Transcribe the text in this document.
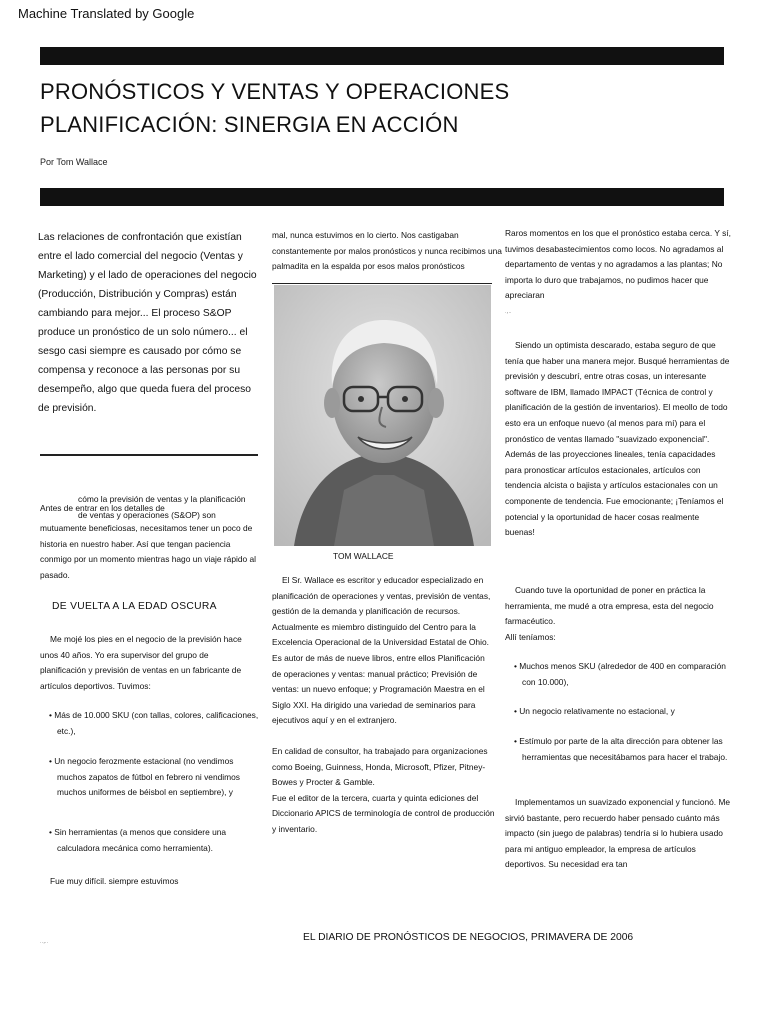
Machine Translated by Google
PRONÓSTICOS Y VENTAS Y OPERACIONES
PLANIFICACIÓN: SINERGIA EN ACCIÓN
Por Tom Wallace
Las relaciones de confrontación que existían entre el lado comercial del negocio (Ventas y Marketing) y el lado de operaciones del negocio (Producción, Distribución y Compras) están cambiando para mejor... El proceso S&OP produce un pronóstico de un solo número... el sesgo casi siempre es causado por cómo se compensa y reconoce a las personas por su desempeño, algo que queda fuera del proceso de previsión.
cómo la previsión de ventas y la planificación
Antes de entrar en los detalles de
de ventas y operaciones (S&OP) son
mutuamente beneficiosas, necesitamos tener un poco de historia en nuestro haber. Así que tengan paciencia conmigo por un momento mientras hago un viaje rápido al pasado.
DE VUELTA A LA EDAD OSCURA

Me mojé los pies en el negocio de la previsión hace unos 40 años. Yo era supervisor del grupo de planificación y previsión de ventas en un fabricante de artículos deportivos. Tuvimos:

• Más de 10.000 SKU (con tallas, colores, calificaciones, etc.),

• Un negocio ferozmente estacional (no vendimos muchos zapatos de fútbol en febrero ni vendimos muchos uniformes de béisbol en septiembre), y

• Sin herramientas (a menos que considere una calculadora mecánica como herramienta).

Fue muy difícil. siempre estuvimos

mal, nunca estuvimos en lo cierto. Nos castigaban constantemente por malos pronósticos y nunca recibimos una palmadita en la espalda por esos malos pronósticos
TOM WALLACE

El Sr. Wallace es escritor y educador especializado en planificación de operaciones y ventas, previsión de ventas, gestión de la demanda y planificación de recursos.

Actualmente es miembro distinguido del Centro para la Excelencia Operacional de la Universidad Estatal de Ohio. Es autor de más de nueve libros, entre ellos Planificación de operaciones y ventas: manual práctico; Previsión de ventas: un nuevo enfoque; y Programación Maestra en el Siglo XXI. Ha dirigido una variedad de seminarios para ejecutivos aquí y en el extranjero.

En calidad de consultor, ha trabajado para organizaciones como Boeing, Guinness, Honda, Microsoft, Pfizer, Pitney-Bowes y Procter & Gamble.

Fue el editor de la tercera, cuarta y quinta ediciones del Diccionario APICS de terminología de control de producción y inventario.

Raros momentos en los que el pronóstico estaba cerca. Y sí, tuvimos desabastecimientos como locos. No agradamos al departamento de ventas y no agradamos a las plantas; No importa lo duro que trabajamos, no pudimos hacer que apreciaran
ˌ¸ˌˌ

Siendo un optimista descarado, estaba seguro de que tenía que haber una manera mejor. Busqué herramientas de previsión y descubrí, entre otras cosas, un interesante software de IBM, llamado IMPACT (Técnica de control y planificación de la gestión de inventarios). El meollo de todo esto era un enfoque nuevo (al menos para mí) para el pronóstico de ventas llamado "suavizado exponencial". Además de las proyecciones lineales, tenía capacidades para pronosticar artículos estacionales, artículos con tendencia alcista o bajista y artículos estacionales con un componente de tendencia. Fue emocionante; ¡Teníamos el potencial y la oportunidad de hacer cosas realmente buenas!

Cuando tuve la oportunidad de poner en práctica la herramienta, me mudé a otra empresa, esta del negocio farmacéutico.

Allí teníamos:

• Muchos menos SKU (alrededor de 400 en comparación con 10.000),

• Un negocio relativamente no estacional, y

• Estímulo por parte de la alta dirección para obtener las herramientas que necesitábamos para hacer el trabajo.

Implementamos un suavizado exponencial y funcionó. Me sirvió bastante, pero recuerdo haber pensado cuánto más impacto (sin juego de palabras) tendría si lo hubiera usado para mi antiguo empleador, la empresa de artículos deportivos. Su necesidad era tan

ˌˌ¸ˌˌ	EL DIARIO DE PRONÓSTICOS DE NEGOCIOS, PRIMAVERA DE 2006
